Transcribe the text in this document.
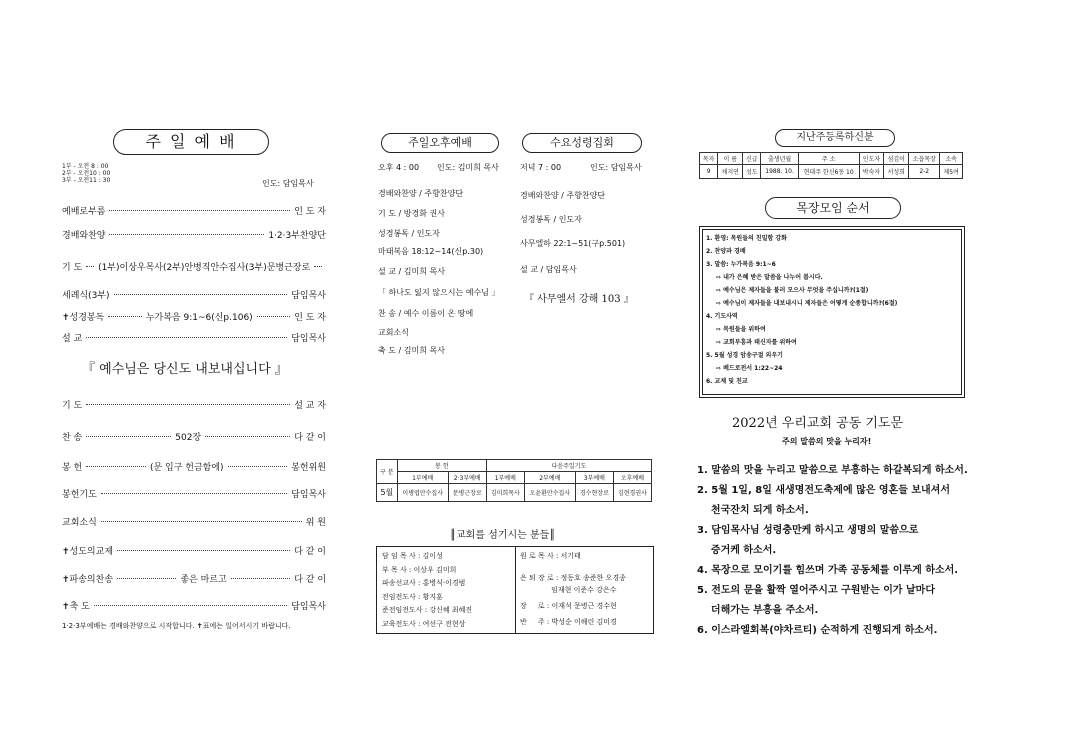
주 일 예 배
1부 - 오전 8 : 00
2부 - 오전10 : 00
3부 - 오전11 : 30	인도: 담임목사
예배로부름	인 도 자
경배와찬양	1·2·3부찬양단
기 도 (1부)이상우목사(2부)안병직안수집사(3부)문병근장로
세례식(3부)	담임목사
✝성경봉독	누가복음 9:1~6(신p.106)	인 도 자
설 교	담임목사
『 예수님은 당신도 내보내십니다 』
기 도	설 교 자
찬 송	502장	다 같 이
봉 헌	(문 입구 헌금함에)	봉헌위원
봉헌기도	담임목사
교회소식	위 원
✝성도의교제	다 같 이
✝파송의찬송	좋은 마르고	다 같 이
✝축 도	담임목사
1·2·3부예배는 경배와찬양으로 시작합니다. ✝표에는 일어서시기 바랍니다.
주일오후예배
오후 4 : 00 인도: 김미희 목사
경배와찬양 / 주향찬양단
기 도 / 방경화 권사
성경봉독 / 인도자
마태복음 18:12~14(신p.30)
설 교 / 김미희 목사
「 하나도 잃지 않으시는 예수님 」
찬 송 / 예수 이름이 온 땅에
교회소식
축 도 / 김미희 목사
수요성령집회
저녁 7 : 00	인도: 담임목사
경배와찬양 / 주향찬양단
성경봉독 / 인도자
사무엘하 22:1~51(구p.501)
설 교 / 담임목사
『 사무엘서 강해 103 』
구 분	봉 헌		다음주일기도			
	1부예배	2·3부예배	1부예배	2부예배	3부예배	오후예배
5월	이병엽안수집사	문병근장로	김미희목사	오윤환안수집사	경수현장로	김현경권사
║교회를 섬기시는 분들║
담 임 목 사 : 김이성
부 목 사 : 이상우 김미희
파송선교사 : 홍병식·이경범
전임전도사 : 황지훈
준전임전도사 : 강신혜 최혜진
교육전도사 : 여선구 전현상
원 로 목 사 : 서기태
은 퇴 장 로 : 정동호 송준한 오경종
임재현 이준수 강은수
장     로 : 이재석 문병근 경수현
반     주 : 박성순 이해린 김미경
지난주등록하신분
목자	이 름	신급	출생년월	주 소	인도자	섬김이	소읍목장	소속
9	채지연	성도	1988. 10.	현대주 한신6동 10	박숙자	서성희	2-2	제5여
목장모임 순서
1. 환영: 목원들의 친밀함 강화
2. 찬양과 경배
3. 말씀: 누가복음 9:1~6
⇨ 내가 은혜 받은 말씀을 나누어 봅시다.
⇨ 예수님은 제자들을 불러 모으사 무엇을 주십니까?(1절)
⇨ 예수님이 제자들을 내보내시니 제자들은 어떻게 순종합니까?(6절)
4. 기도사역
⇨ 목원들을 위하여
⇨ 교회부흥과 태신자를 위하여
5. 5월 성경 암송구절 외우기
⇨ 베드로전서 1:22~24
6. 교제 및 친교
2022년 우리교회 공동 기도문
주의 말씀의 맛을 누리자!
1. 말씀의 맛을 누리고 말씀으로 부흥하는 하갈복되게 하소서.
2. 5월 1일, 8일 새생명전도축제에 많은 영혼들 보내셔서
천국잔치 되게 하소서.
3. 담임목사님 성령충만케 하시고 생명의 말씀으로
증거케 하소서.
4. 목장으로 모이기를 힘쓰며 가족 공동체를 이루게 하소서.
5. 전도의 문을 활짝 열어주시고 구원받는 이가 날마다
더해가는 부흥을 주소서.
6. 이스라엘회복(야차르티) 순적하게 진행되게 하소서.
